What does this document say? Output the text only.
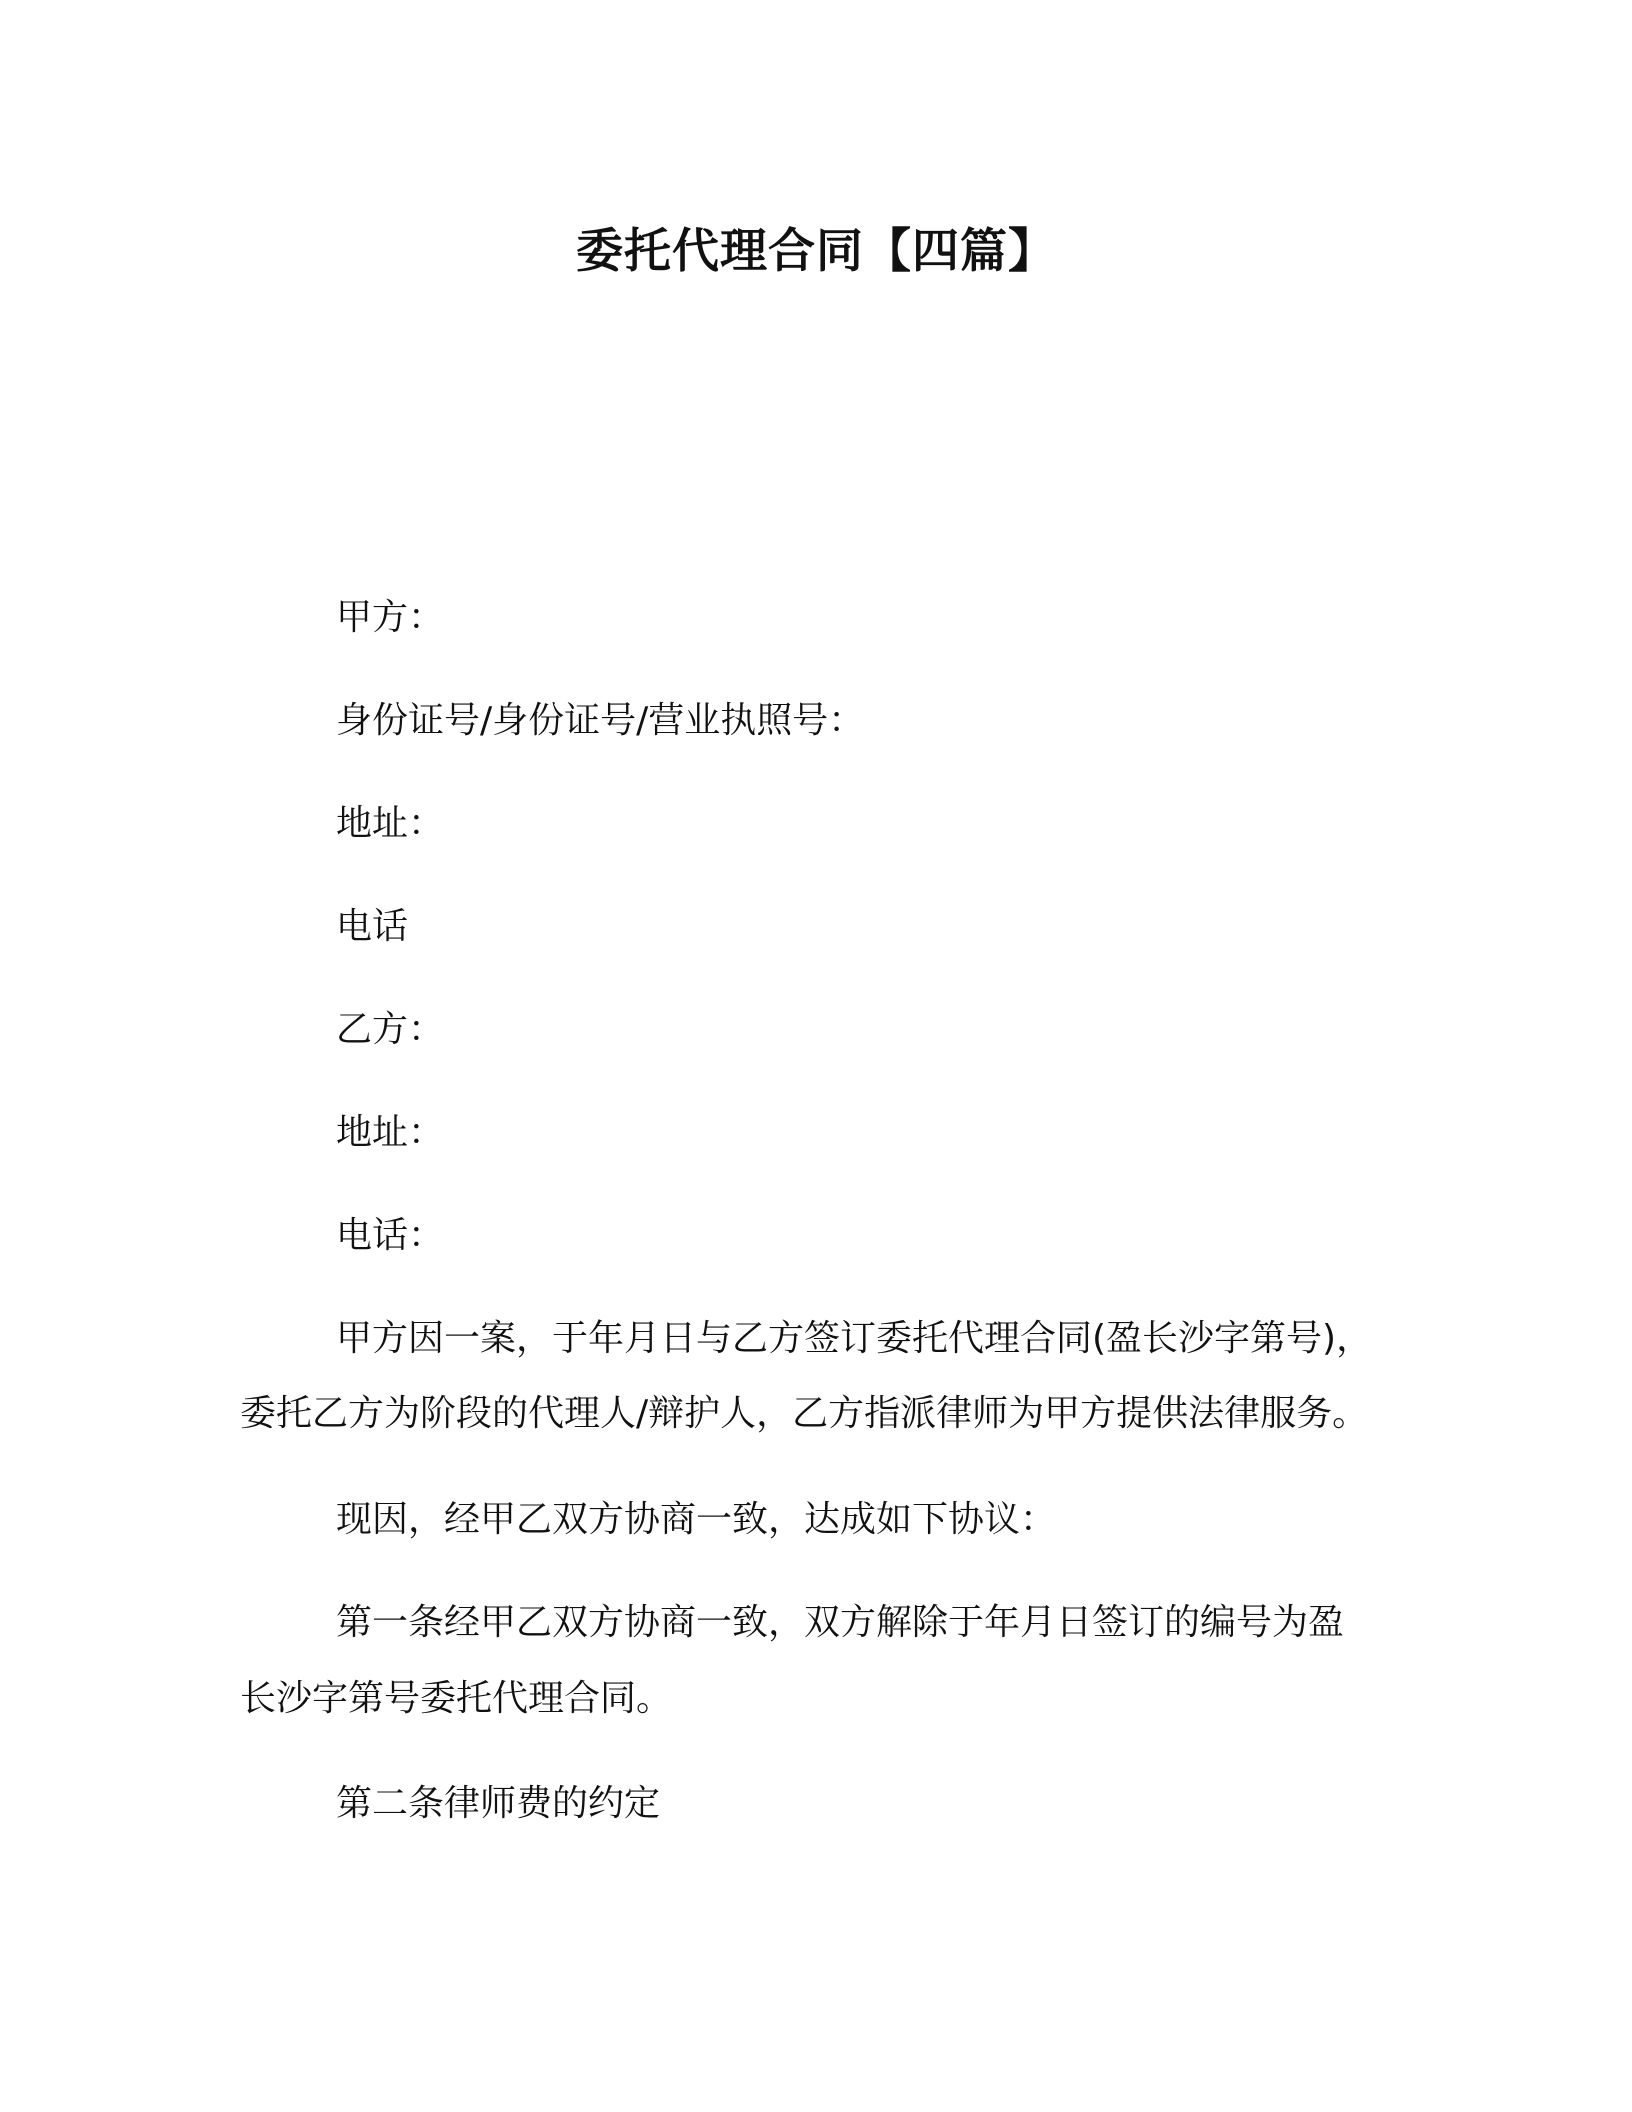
委托代理合同【四篇】
甲方：
身份证号/身份证号/营业执照号：
地址：
电话
乙方：
地址：
电话：
甲方因一案，于年月日与乙方签订委托代理合同(盈长沙字第号)，
委托乙方为阶段的代理人/辩护人，乙方指派律师为甲方提供法律服务。
现因，经甲乙双方协商一致，达成如下协议：
第一条经甲乙双方协商一致，双方解除于年月日签订的编号为盈
长沙字第号委托代理合同。
第二条律师费的约定
